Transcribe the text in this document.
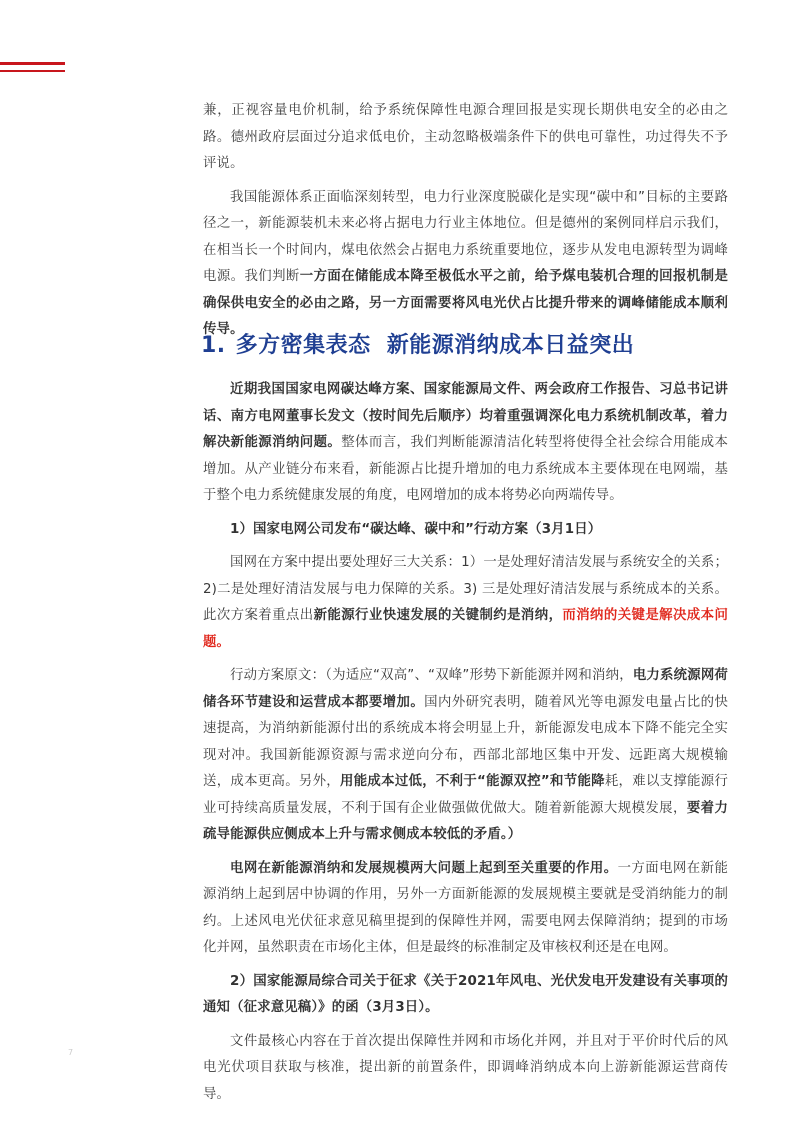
兼，正视容量电价机制，给予系统保障性电源合理回报是实现长期供电安全的必由之路。德州政府层面过分追求低电价，主动忽略极端条件下的供电可靠性，功过得失不予评说。

我国能源体系正面临深刻转型，电力行业深度脱碳化是实现“碳中和”目标的主要路径之一，新能源装机未来必将占据电力行业主体地位。但是德州的案例同样启示我们，在相当长一个时间内，煤电依然会占据电力系统重要地位，逐步从发电电源转型为调峰电源。我们判断一方面在储能成本降至极低水平之前，给予煤电装机合理的回报机制是确保供电安全的必由之路，另一方面需要将风电光伏占比提升带来的调峰储能成本顺利传导。

1. 多方密集表态 新能源消纳成本日益突出

近期我国国家电网碳达峰方案、国家能源局文件、两会政府工作报告、习总书记讲话、南方电网董事长发文（按时间先后顺序）均着重强调深化电力系统机制改革，着力解决新能源消纳问题。整体而言，我们判断能源清洁化转型将使得全社会综合用能成本增加。从产业链分布来看，新能源占比提升增加的电力系统成本主要体现在电网端，基于整个电力系统健康发展的角度，电网增加的成本将势必向两端传导。

1）国家电网公司发布“碳达峰、碳中和”行动方案（3月1日）

国网在方案中提出要处理好三大关系：1）一是处理好清洁发展与系统安全的关系；2)二是处理好清洁发展与电力保障的关系。3) 三是处理好清洁发展与系统成本的关系。此次方案着重点出新能源行业快速发展的关键制约是消纳，而消纳的关键是解决成本问题。

行动方案原文：（为适应“双高”、“双峰”形势下新能源并网和消纳，电力系统源网荷储各环节建设和运营成本都要增加。国内外研究表明，随着风光等电源发电量占比的快速提高，为消纳新能源付出的系统成本将会明显上升，新能源发电成本下降不能完全实现对冲。我国新能源资源与需求逆向分布，西部北部地区集中开发、远距离大规模输送，成本更高。另外，用能成本过低，不利于“能源双控”和节能降耗，难以支撑能源行业可持续高质量发展，不利于国有企业做强做优做大。随着新能源大规模发展，要着力疏导能源供应侧成本上升与需求侧成本较低的矛盾。）

电网在新能源消纳和发展规模两大问题上起到至关重要的作用。一方面电网在新能源消纳上起到居中协调的作用，另外一方面新能源的发展规模主要就是受消纳能力的制约。上述风电光伏征求意见稿里提到的保障性并网，需要电网去保障消纳；提到的市场化并网，虽然职责在市场化主体，但是最终的标准制定及审核权利还是在电网。

2）国家能源局综合司关于征求《关于2021年风电、光伏发电开发建设有关事项的通知（征求意见稿）》的函（3月3日）。

文件最核心内容在于首次提出保障性并网和市场化并网，并且对于平价时代后的风电光伏项目获取与核准，提出新的前置条件，即调峰消纳成本向上游新能源运营商传导。

7
